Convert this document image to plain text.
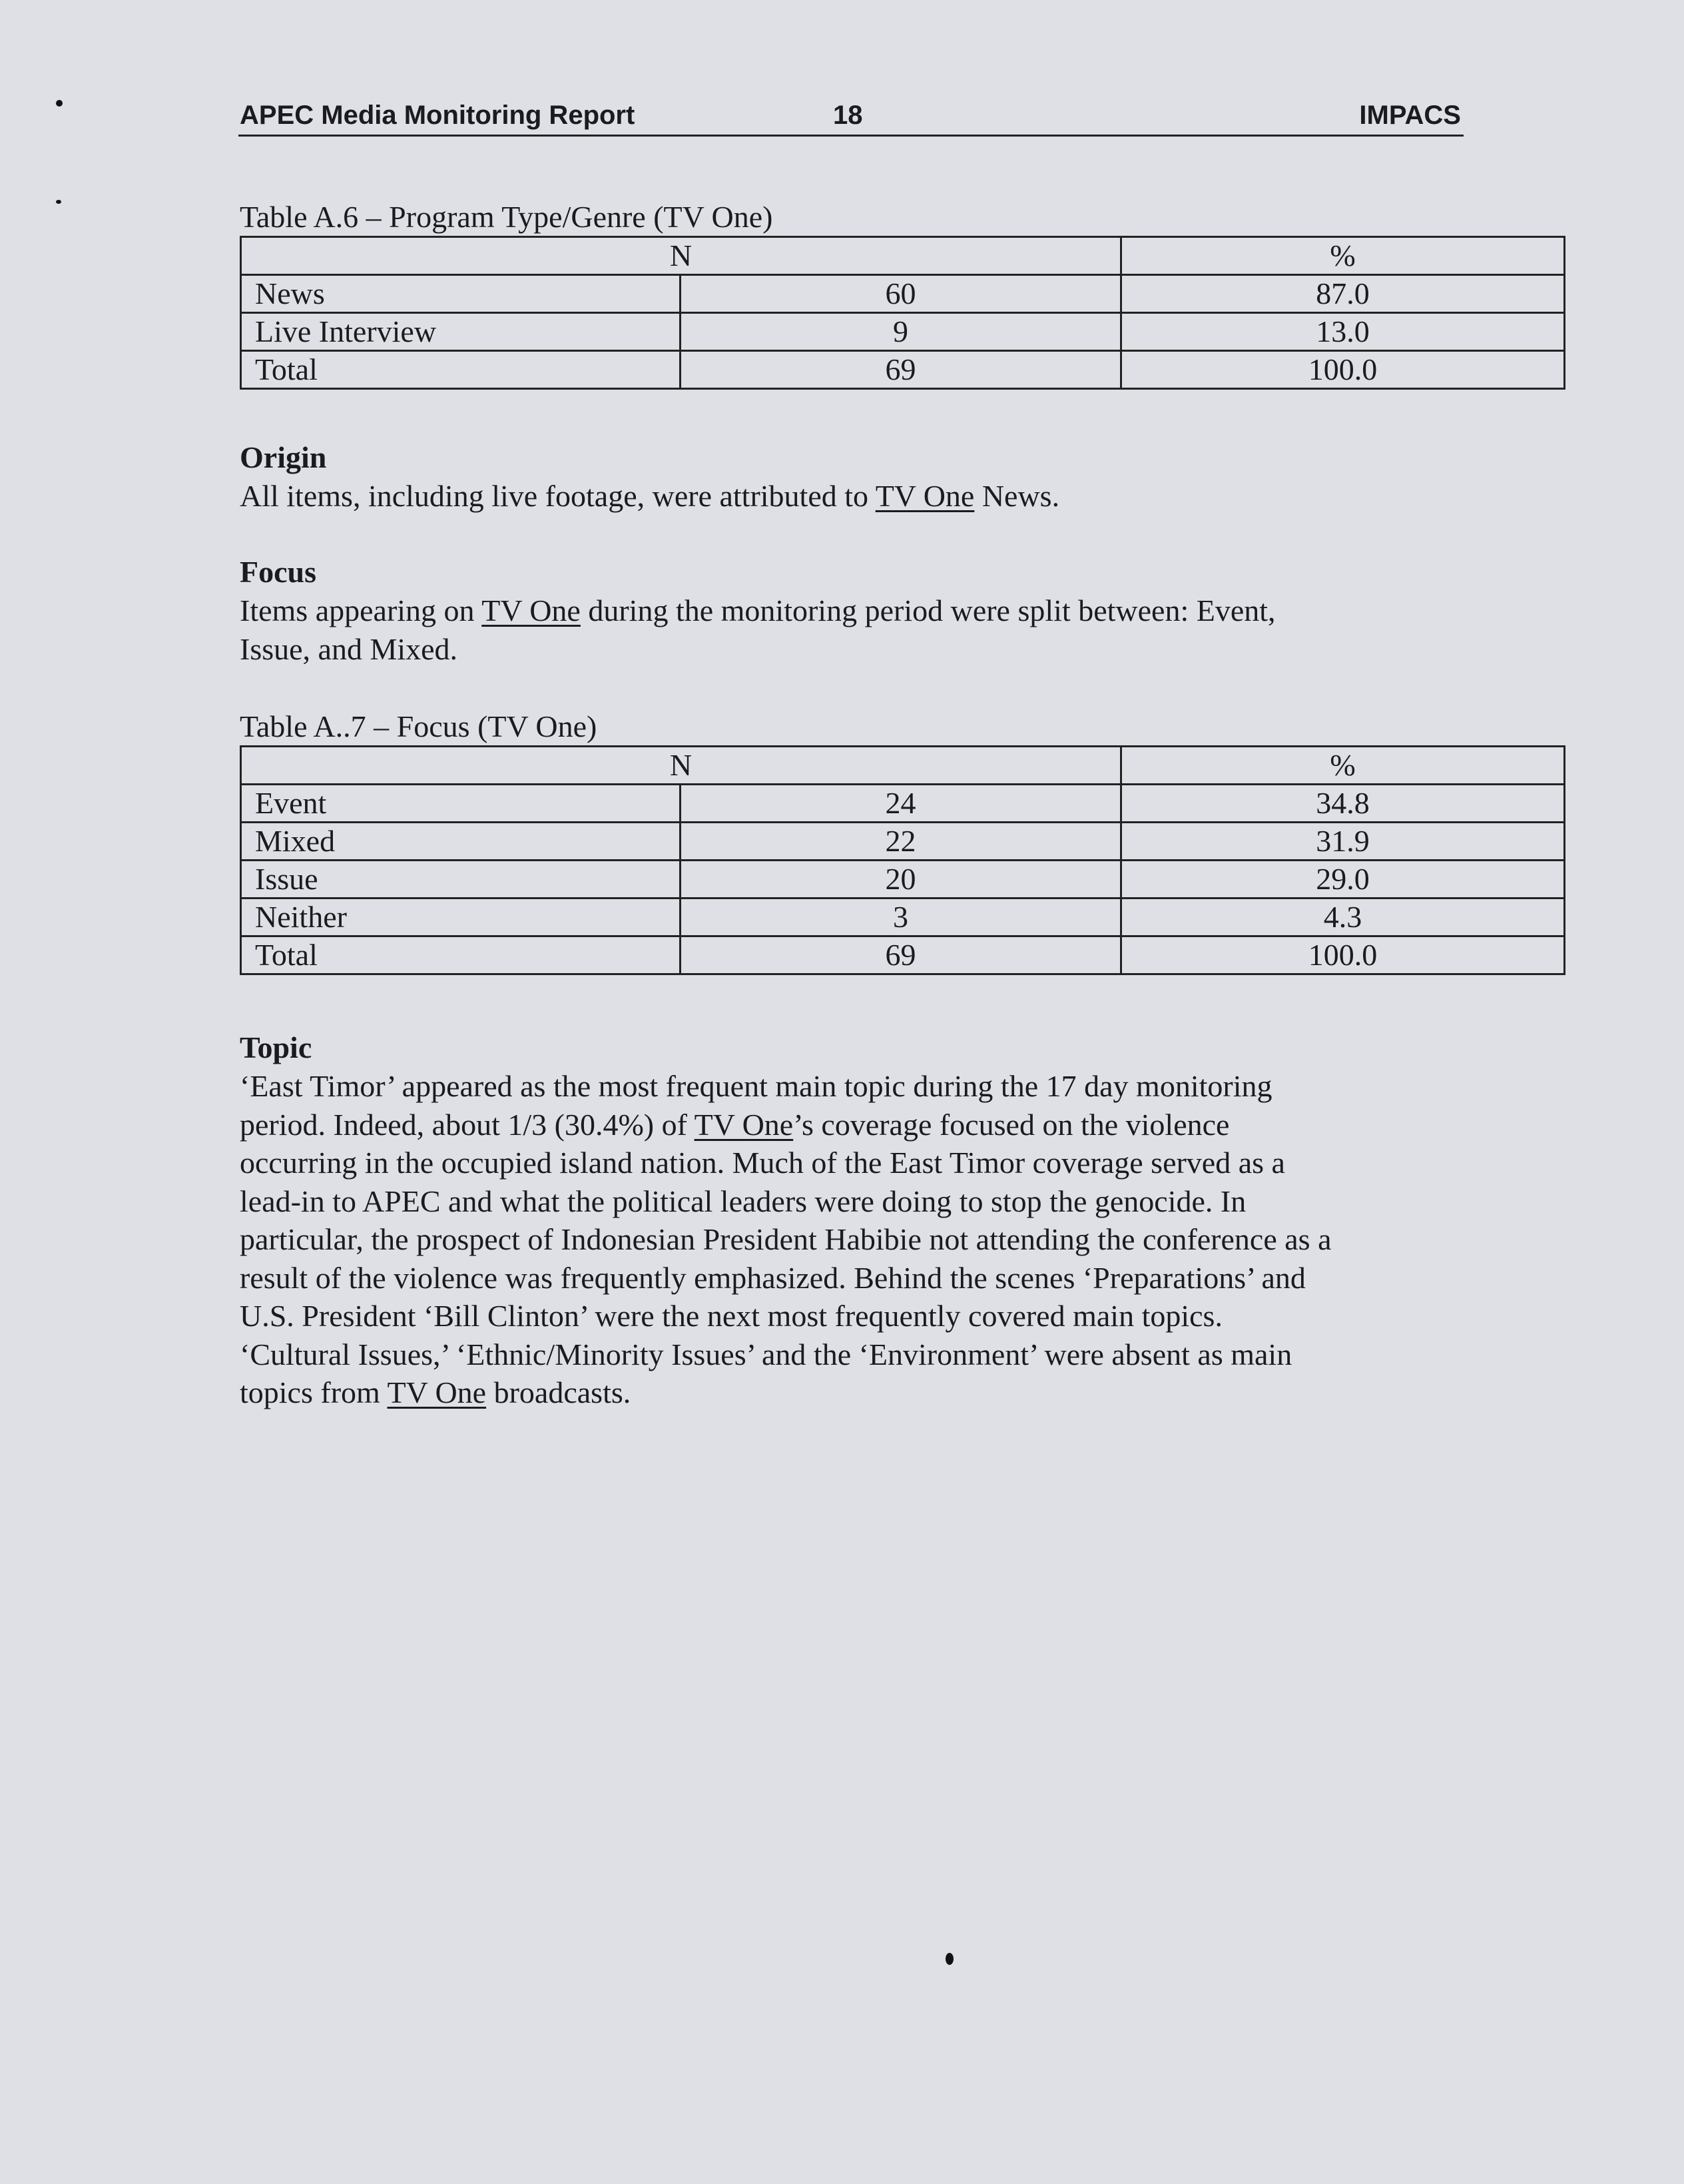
APEC Media Monitoring Report	18	IMPACS
Table A.6 – Program Type/Genre (TV One)
N		%
News	60	87.0
Live Interview	9	13.0
Total	69	100.0
Origin

All items, including live footage, were attributed to TV One News.

Focus

Items appearing on TV One during the monitoring period were split between: Event,
Issue, and Mixed.

Table A..7 – Focus (TV One)
N		%
Event	24	34.8
Mixed	22	31.9
Issue	20	29.0
Neither	3	4.3
Total	69	100.0
Topic

‘East Timor’ appeared as the most frequent main topic during the 17 day monitoring
period. Indeed, about 1/3 (30.4%) of TV One’s coverage focused on the violence
occurring in the occupied island nation. Much of the East Timor coverage served as a
lead-in to APEC and what the political leaders were doing to stop the genocide. In
particular, the prospect of Indonesian President Habibie not attending the conference as a
result of the violence was frequently emphasized. Behind the scenes ‘Preparations’ and
U.S. President ‘Bill Clinton’ were the next most frequently covered main topics.
‘Cultural Issues,’ ‘Ethnic/Minority Issues’ and the ‘Environment’ were absent as main
topics from TV One broadcasts.
